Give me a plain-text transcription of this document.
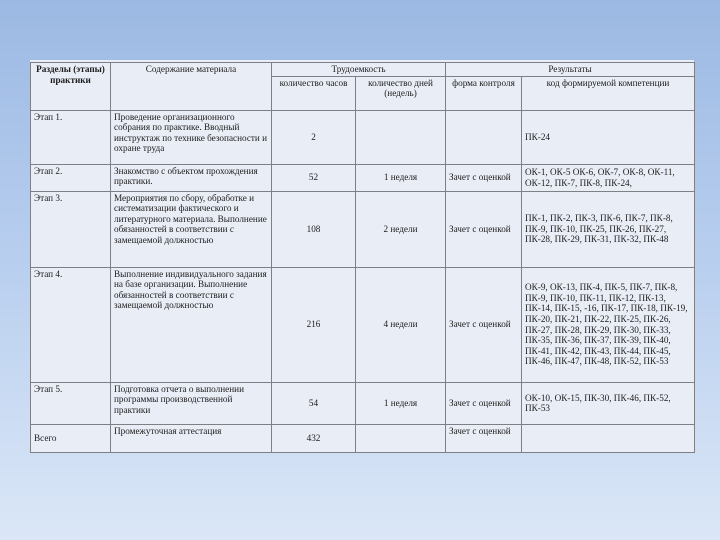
Разделы (этапы) практики	Содержание материала	Трудоемкость		Результаты	
		количество часов	количество дней (недель)	форма контроля	код формируемой компетенции
Этап 1.	Проведение организационного собрания по практике. Вводный инструктаж по технике безопасности и охране труда	2			ПК-24
Этап 2.	Знакомство с объектом прохождения практики.	52	1 неделя	Зачет с оценкой	ОК-1, ОК-5 ОК-6, ОК-7, ОК-8, ОК-11, ОК-12, ПК-7, ПК-8, ПК-24,
Этап 3.	Мероприятия по сбору, обработке и систематизации фактического и литературного материала. Выполнение обязанностей в соответствии с замещаемой должностью	108	2 недели	Зачет с оценкой	ПК-1, ПК-2, ПК-3, ПК-6, ПК-7, ПК-8, ПК-9, ПК-10, ПК-25, ПК-26, ПК-27, ПК-28, ПК-29, ПК-31, ПК-32, ПК-48
Этап 4.	Выполнение индивидуального задания на базе организации. Выполнение обязанностей в соответствии с замещаемой должностью	216	4 недели	Зачет с оценкой	ОК-9, ОК-13, ПК-4, ПК-5, ПК-7, ПК-8, ПК-9, ПК-10, ПК-11, ПК-12, ПК-13, ПК-14, ПК-15, -16, ПК-17, ПК-18, ПК-19, ПК-20, ПК-21, ПК-22, ПК-25, ПК-26, ПК-27, ПК-28, ПК-29, ПК-30, ПК-33, ПК-35, ПК-36, ПК-37, ПК-39, ПК-40, ПК-41, ПК-42, ПК-43, ПК-44, ПК-45, ПК-46, ПК-47, ПК-48, ПК-52, ПК-53
Этап 5.	Подготовка отчета о выполнении программы производственной практики	54	1 неделя	Зачет с оценкой	ОК-10, ОК-15, ПК-30, ПК-46, ПК-52, ПК-53
Всего	Промежуточная аттестация	432		Зачет с оценкой	
